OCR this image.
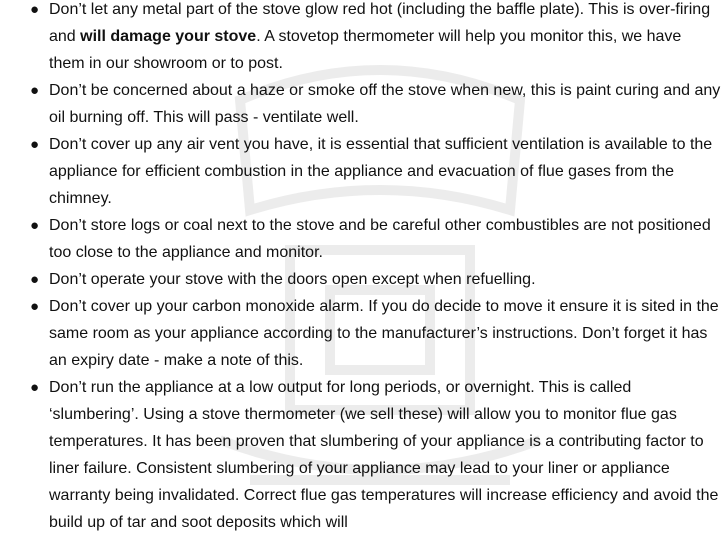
● Don’t let any metal part of the stove glow red hot (including the baffle plate). This is over-firing and will damage your stove. A stovetop thermometer will help you monitor this, we have them in our showroom or to post.
● Don’t be concerned about a haze or smoke off the stove when new, this is paint curing and any oil burning off. This will pass - ventilate well.
● Don’t cover up any air vent you have, it is essential that sufficient ventilation is available to the appliance for efficient combustion in the appliance and evacuation of flue gases from the chimney.
● Don’t store logs or coal next to the stove and be careful other combustibles are not positioned too close to the appliance and monitor.
● Don’t operate your stove with the doors open except when refuelling.
● Don’t cover up your carbon monoxide alarm. If you do decide to move it ensure it is sited in the same room as your appliance according to the manufacturer’s instructions. Don’t forget it has an expiry date - make a note of this.
● Don’t run the appliance at a low output for long periods, or overnight. This is called ‘slumbering’. Using a stove thermometer (we sell these) will allow you to monitor flue gas temperatures. It has been proven that slumbering of your appliance is a contributing factor to liner failure. Consistent slumbering of your appliance may lead to your liner or appliance warranty being invalidated. Correct flue gas temperatures will increase efficiency and avoid the build up of tar and soot deposits which will
